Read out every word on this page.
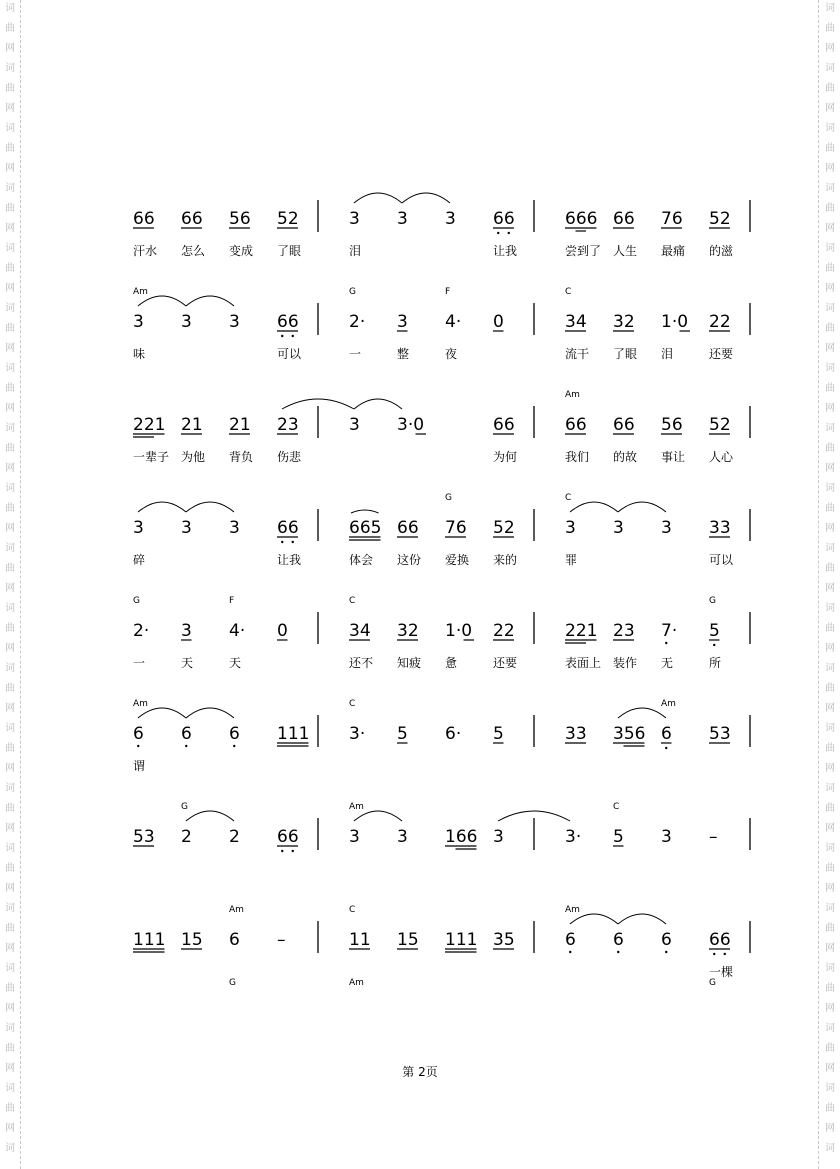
66 66 56 52	3 3 3 66	666 66 76 52
汗水 怎么 变成 了眼	泪	让我	尝到了 人生 最痛 的滋
Am	G	F	C
3 3 3 66	2· 3 4· 0	34 32 1·0 22
味	可以	一	整	夜	流干 了眼 泪	还要
Am
221 21 21 23	3 3·0	66	66 66 56 52
一辈子 为他 背负 伤悲	为何	我们 的故 事让 人心
G	C
3 3 3 66	665 66 76 52	3 3 3 33
碎	让我	体会 这份 爱换 来的	罪	可以
G	F	C	G
2· 3 4· 0	34 32 1·0 22	221 23 7· 5
一	天	天	还不 知疲 惫	还要	表面上 装作 无	所
Am	C	Am
6 6 6 111 3· 5 6· 5	33 356 6 53
谓
G	Am	C
53 2 2 66	3 3 166 3	3· 5 3 –
Am	C	Am
111 15 6 –	11 15 111 35	6 6 6 66
一棵
G	Am	G
第 2页
词
曲
网
词
曲
网
词
曲
网
词
曲
网
词
曲
网
词
曲
网
词
曲
网
词
曲
网
词
曲
网
词
曲
网
词
曲
网
词
曲
网
词
曲
网
词
曲
网
词
曲
网
词
曲
网
词
曲
网
词
曲
网
词
曲
网
词
词
曲
网
词
曲
网
词
曲
网
词
曲
网
词
曲
网
词
曲
网
词
曲
网
词
曲
网
词
曲
网
词
曲
网
词
曲
网
词
曲
网
词
曲
网
词
曲
网
词
曲
网
词
曲
网
词
曲
网
词
曲
网
词
曲
网
词
